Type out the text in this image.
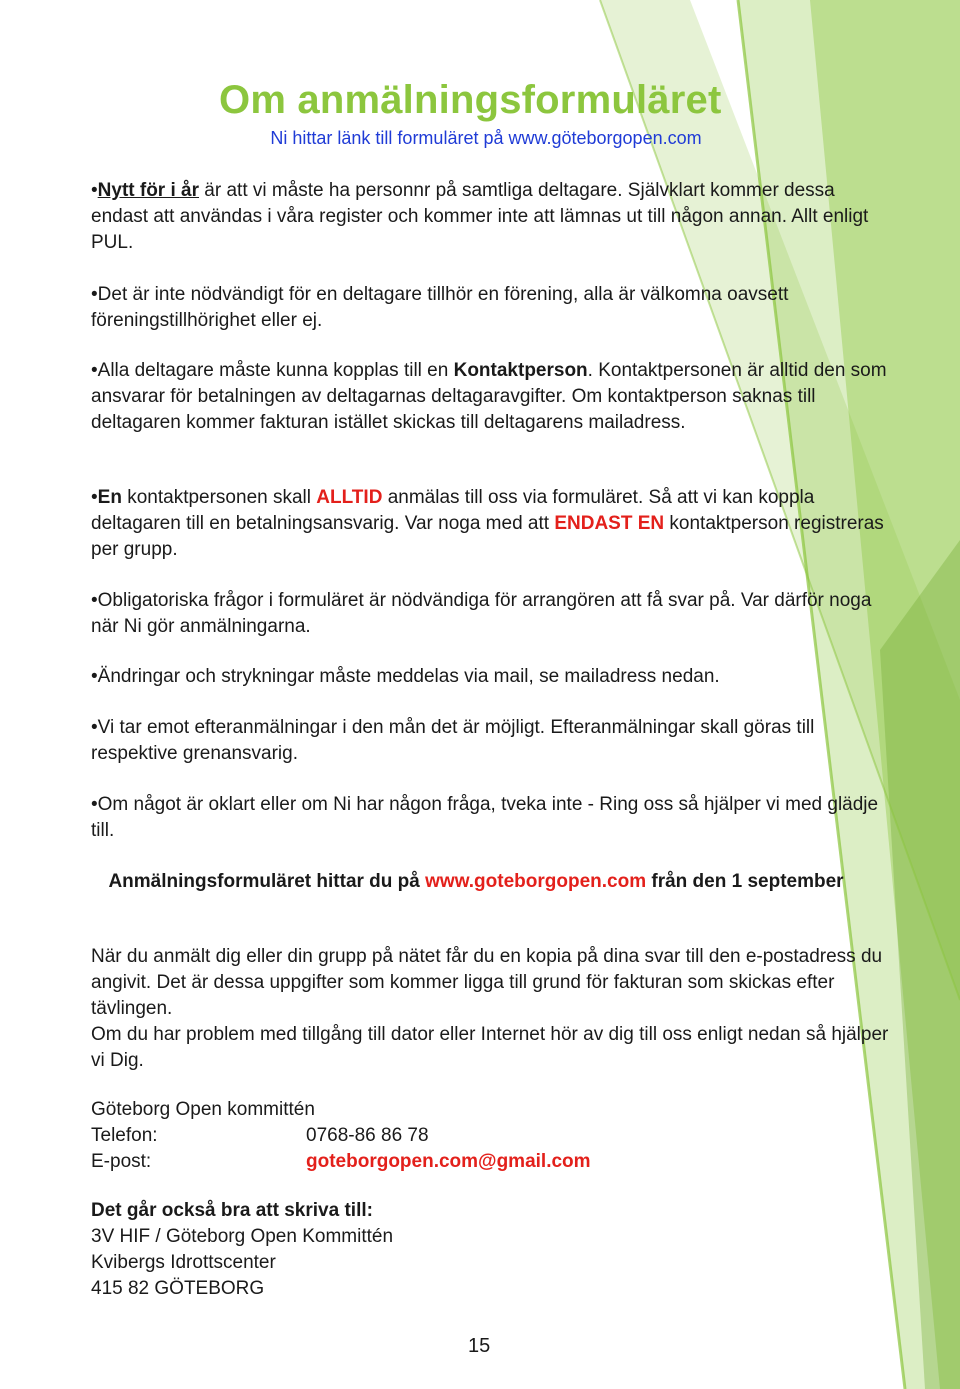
Om anmälningsformuläret
Ni hittar länk till formuläret på www.göteborgopen.com

•Nytt för i år är att vi måste ha personnr på samtliga deltagare. Självklart kommer dessa endast att användas i våra register och kommer inte att lämnas ut till någon annan. Allt enligt PUL.

•Det är inte nödvändigt för en deltagare tillhör en förening, alla är välkomna oavsett föreningstillhörighet eller ej.

•Alla deltagare måste kunna kopplas till en Kontaktperson. Kontaktpersonen är alltid den som ansvarar för betalningen av deltagarnas deltagaravgifter. Om kontaktperson saknas till deltagaren kommer fakturan istället skickas till deltagarens mailadress.

•En kontaktpersonen skall ALLTID anmälas till oss via formuläret. Så att vi kan koppla deltagaren till en betalningsansvarig. Var noga med att ENDAST EN kontaktperson registreras per grupp.

•Obligatoriska frågor i formuläret är nödvändiga för arrangören att få svar på. Var därför noga när Ni gör anmälningarna.

•Ändringar och strykningar måste meddelas via mail, se mailadress nedan.

•Vi tar emot efteranmälningar i den mån det är möjligt. Efteranmälningar skall göras till respektive grenansvarig.

•Om något är oklart eller om Ni har någon fråga, tveka inte - Ring oss så hjälper vi med glädje till.

Anmälningsformuläret hittar du på www.goteborgopen.com från den 1 september
När du anmält dig eller din grupp på nätet får du en kopia på dina svar till den e-postadress du angivit. Det är dessa uppgifter som kommer ligga till grund för fakturan som skickas efter tävlingen.
Om du har problem med tillgång till dator eller Internet hör av dig till oss enligt nedan så hjälper vi Dig.
Göteborg Open kommittén
Telefon:	0768-86 86 78
E-post:	goteborgopen.com@gmail.com
Det går också bra att skriva till:
3V HIF / Göteborg Open Kommittén
Kvibergs Idrottscenter
415 82 GÖTEBORG
15
